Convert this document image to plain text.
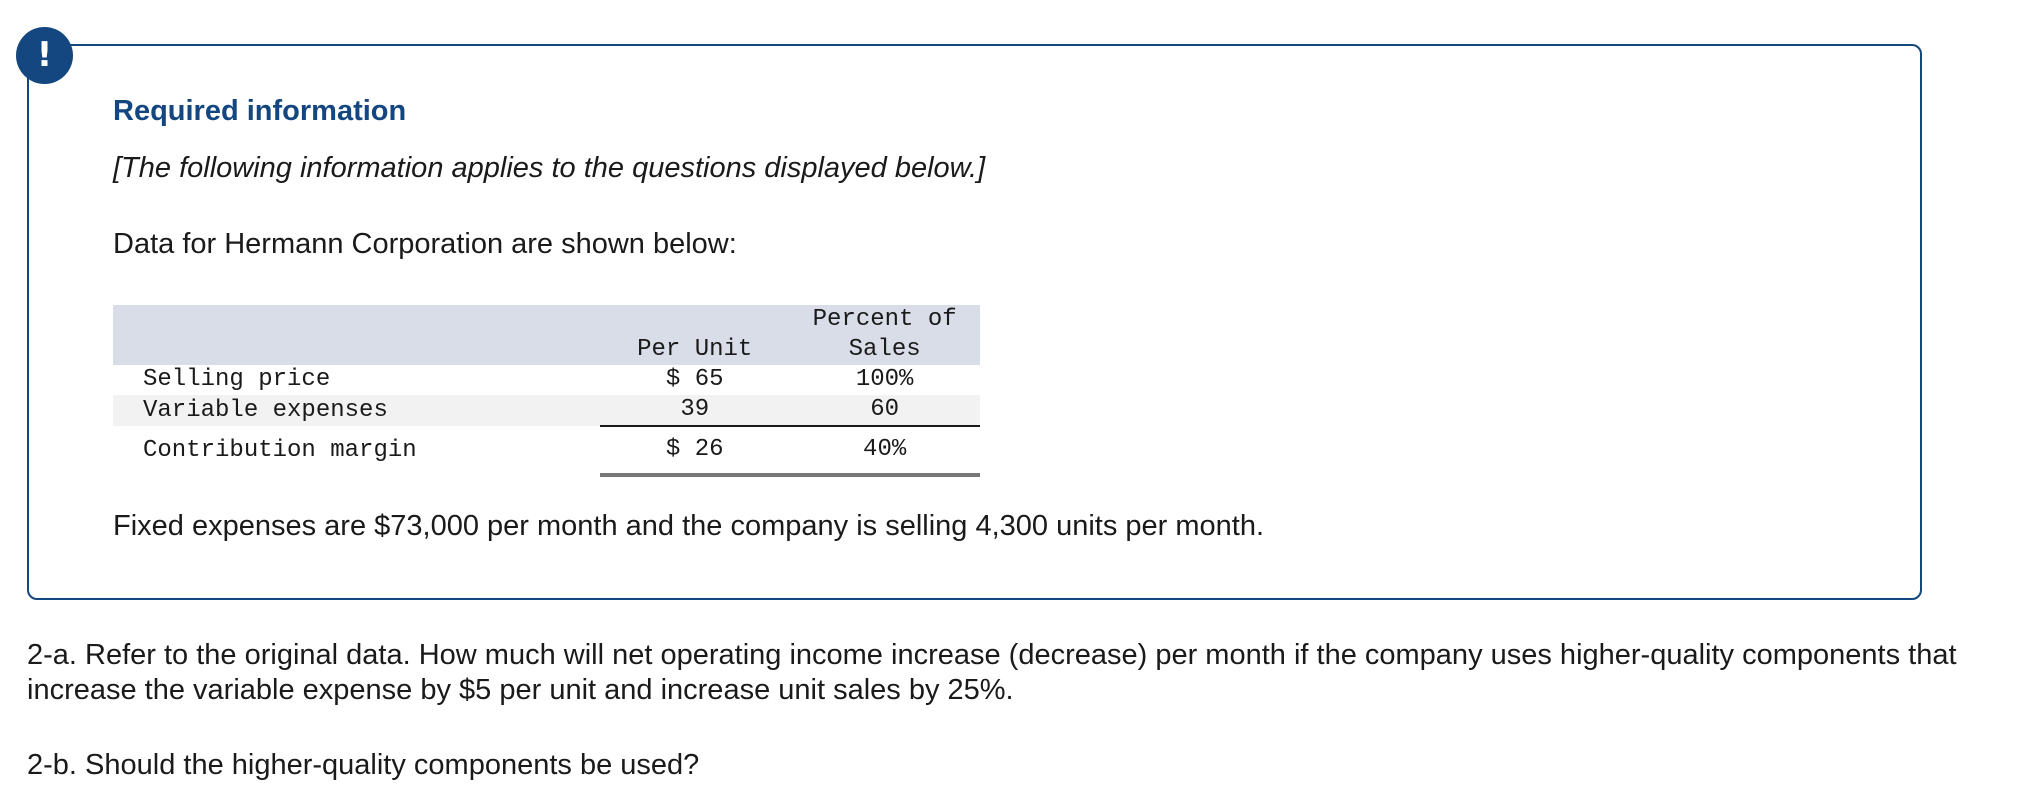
!
Required information

[The following information applies to the questions displayed below.]

Data for Hermann Corporation are shown below:

	Per Unit	Percent of
Sales
Selling price	$ 65	100%
Variable expenses	39	60
Contribution margin	$ 26	40%

Fixed expenses are $73,000 per month and the company is selling 4,300 units per month.

2-a. Refer to the original data. How much will net operating income increase (decrease) per month if the company uses higher-quality components that increase the variable expense by $5 per unit and increase unit sales by 25%.

2-b. Should the higher-quality components be used?
